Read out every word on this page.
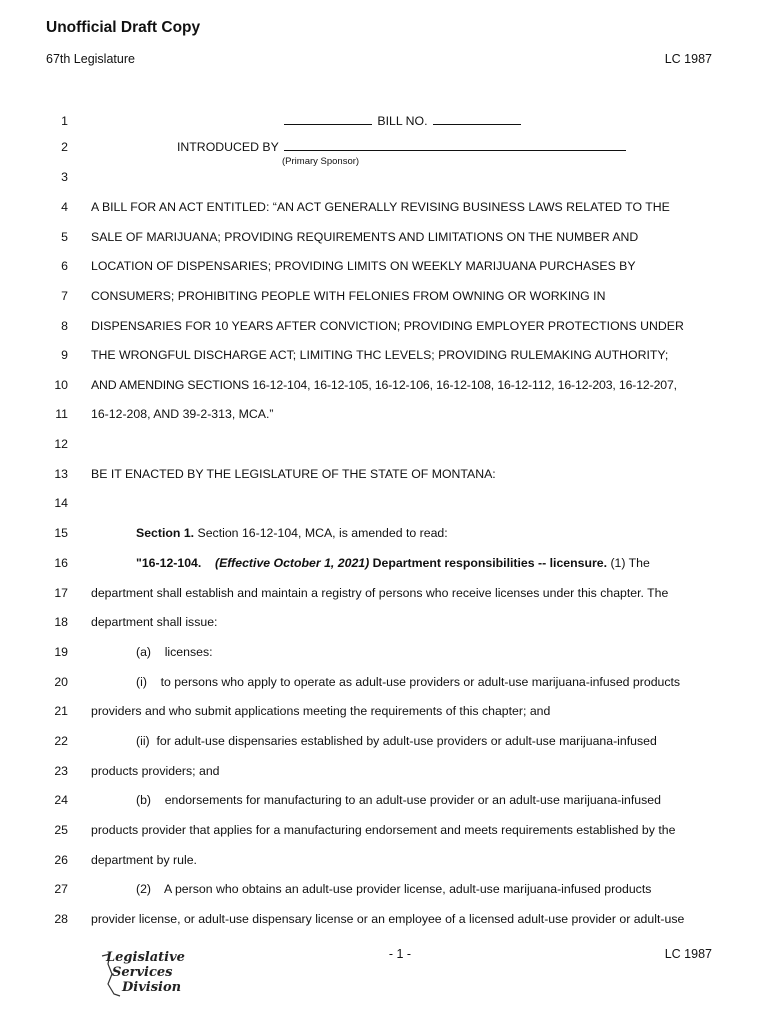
Unofficial Draft Copy
67th Legislature	LC 1987
1	BILL NO.
2	INTRODUCED BY
(Primary Sponsor)
3
4 A BILL FOR AN ACT ENTITLED: “AN ACT GENERALLY REVISING BUSINESS LAWS RELATED TO THE
5 SALE OF MARIJUANA; PROVIDING REQUIREMENTS AND LIMITATIONS ON THE NUMBER AND
6 LOCATION OF DISPENSARIES; PROVIDING LIMITS ON WEEKLY MARIJUANA PURCHASES BY
7 CONSUMERS; PROHIBITING PEOPLE WITH FELONIES FROM OWNING OR WORKING IN
8 DISPENSARIES FOR 10 YEARS AFTER CONVICTION; PROVIDING EMPLOYER PROTECTIONS UNDER
9 THE WRONGFUL DISCHARGE ACT; LIMITING THC LEVELS; PROVIDING RULEMAKING AUTHORITY;
10 AND AMENDING SECTIONS 16-12-104, 16-12-105, 16-12-106, 16-12-108, 16-12-112, 16-12-203, 16-12-207,
11 16-12-208, AND 39-2-313, MCA.”
12
13 BE IT ENACTED BY THE LEGISLATURE OF THE STATE OF MONTANA:
14
15	Section 1. Section 16-12-104, MCA, is amended to read:
16	"16-12-104. (Effective October 1, 2021) Department responsibilities -- licensure. (1) The
17 department shall establish and maintain a registry of persons who receive licenses under this chapter. The
18 department shall issue:
19	(a)    licenses:
20	(i)    to persons who apply to operate as adult-use providers or adult-use marijuana-infused products
21 providers and who submit applications meeting the requirements of this chapter; and
22	(ii)  for adult-use dispensaries established by adult-use providers or adult-use marijuana-infused
23 products providers; and
24	(b)    endorsements for manufacturing to an adult-use provider or an adult-use marijuana-infused
25 products provider that applies for a manufacturing endorsement and meets requirements established by the
26 department by rule.
27	(2)    A person who obtains an adult-use provider license, adult-use marijuana-infused products
28 provider license, or adult-use dispensary license or an employee of a licensed adult-use provider or adult-use
Legislative
Services
Division
- 1 -	LC 1987
